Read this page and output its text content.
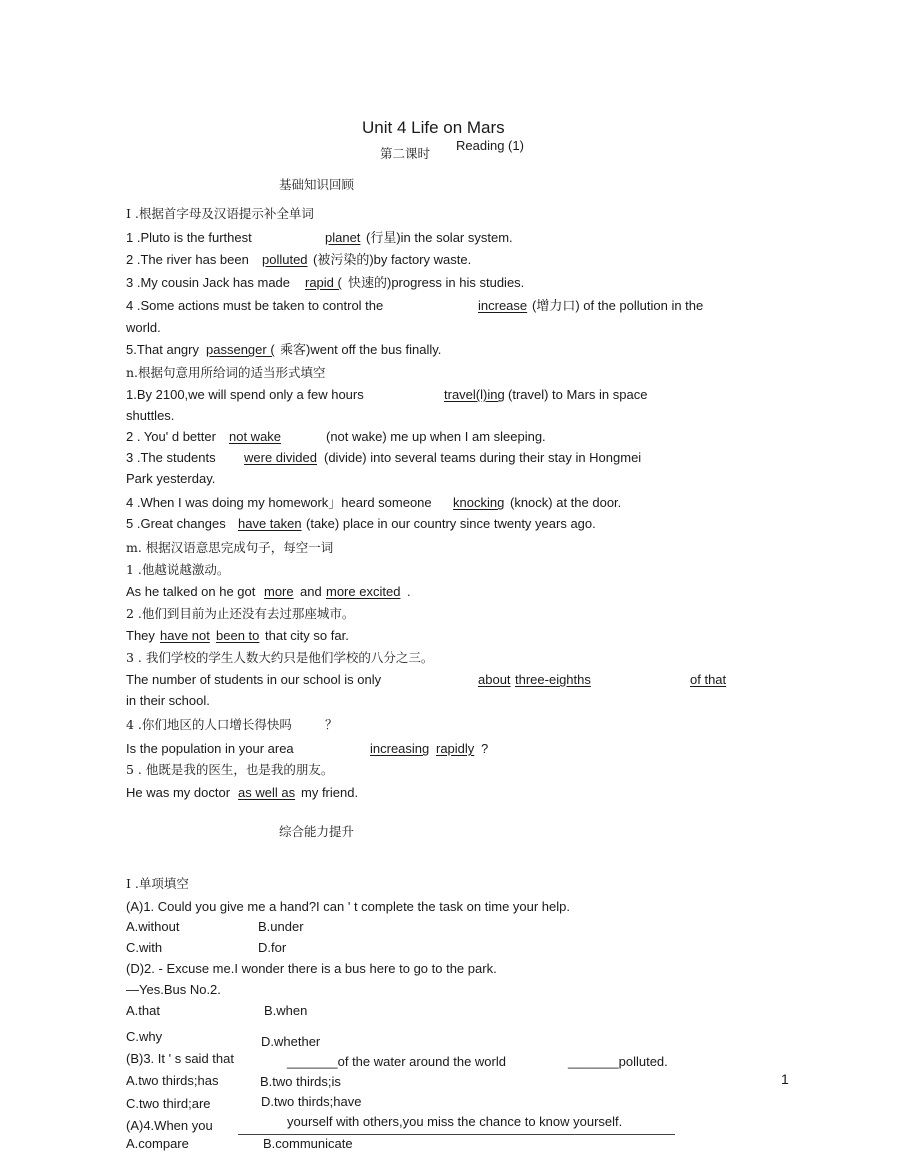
Unit 4 Life on Mars
Reading (1)
第二课时
基础知识回顾
I .根据首字母及汉语提示补全单词
1 .Pluto is the furthest	planet (行星)in the solar system.
2 .The river has been polluted (被污染的)by factory waste.
3 .My cousin Jack has made rapid ( 快速的)progress in his studies.
4 .Some actions must be taken to control the	increase (增力口) of the pollution in the
world.
5.That angry passenger ( 乘客)went off the bus finally.
n.根据句意用所给词的适当形式填空
1.By 2100,we will spend only a few hours	travel(l)ing (travel) to Mars in space
shuttles.
2 . You' d better not wake	(not wake) me up when I am sleeping.
3 .The students were divided (divide) into several teams during their stay in Hongmei
Park yesterday.
4 .When I was doing my homework」heard someone knocking (knock) at the door.
5 .Great changes have taken (take) place in our country since twenty years ago.
m. 根据汉语意思完成句子，每空一词
1 .他越说越激动。
As he talked on he got more and more excited .
2 .他们到目前为止还没有去过那座城市。
They have not been to that city so far.
3 . 我们学校的学生人数大约只是他们学校的八分之三。
The number of students in our school is only	about three-eighths	of that
in their school.
4 .你们地区的人口增长得快吗	？
Is the population in your area	increasing rapidly ?
5 . 他既是我的医生，也是我的朋友。
He was my doctor as well as my friend.
综合能力提升
I .单项填空
(A)1. Could you give me a hand?I can ' t complete the task on time your help.
A.without	B.under
C.with	D.for
(D)2. - Excuse me.I wonder there is a bus here to go to the park.
—Yes.Bus No.2.
A.that	B.when
C.why	D.whether
(B)3. It ' s said that	_______of the water around the world	_______polluted.
A.two thirds;has	B.two thirds;is
C.two third;are	D.two thirds;have
(A)4.When you	yourself with others,you miss the chance to know yourself.
A.compare	B.communicate
1
